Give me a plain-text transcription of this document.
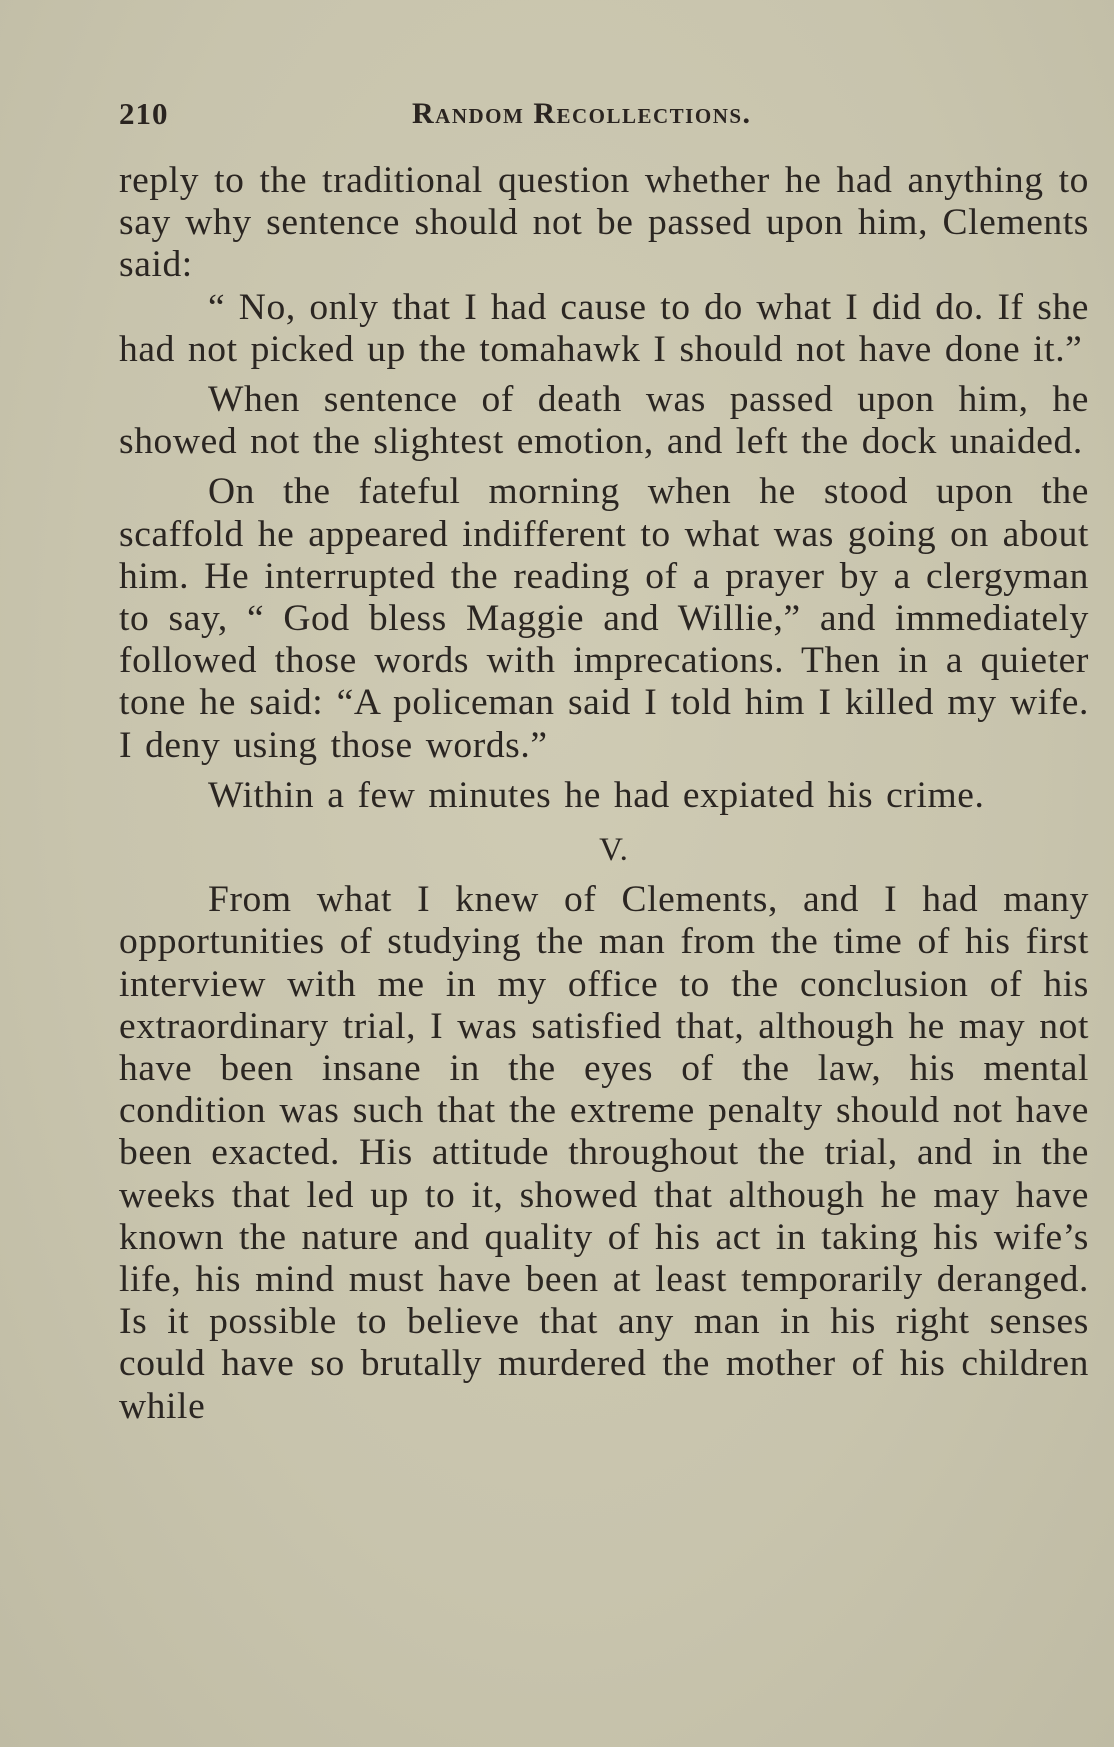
210	Random Recollections.

reply to the traditional question whether he had anything to say why sentence should not be passed upon him, Clements said:

“ No, only that I had cause to do what I did do. If she had not picked up the tomahawk I should not have done it.”

When sentence of death was passed upon him, he showed not the slightest emotion, and left the dock unaided.

On the fateful morning when he stood upon the scaffold he appeared indifferent to what was going on about him. He interrupted the reading of a prayer by a clergyman to say, “ God bless Maggie and Willie,” and immediately followed those words with imprecations. Then in a quieter tone he said: “A policeman said I told him I killed my wife. I deny using those words.”

Within a few minutes he had expiated his crime.

V.

From what I knew of Clements, and I had many opportunities of studying the man from the time of his first interview with me in my office to the conclusion of his extraordinary trial, I was satisfied that, although he may not have been insane in the eyes of the law, his mental condition was such that the extreme penalty should not have been exacted. His attitude throughout the trial, and in the weeks that led up to it, showed that although he may have known the nature and quality of his act in taking his wife’s life, his mind must have been at least temporarily deranged. Is it possible to believe that any man in his right senses could have so brutally murdered the mother of his children while
